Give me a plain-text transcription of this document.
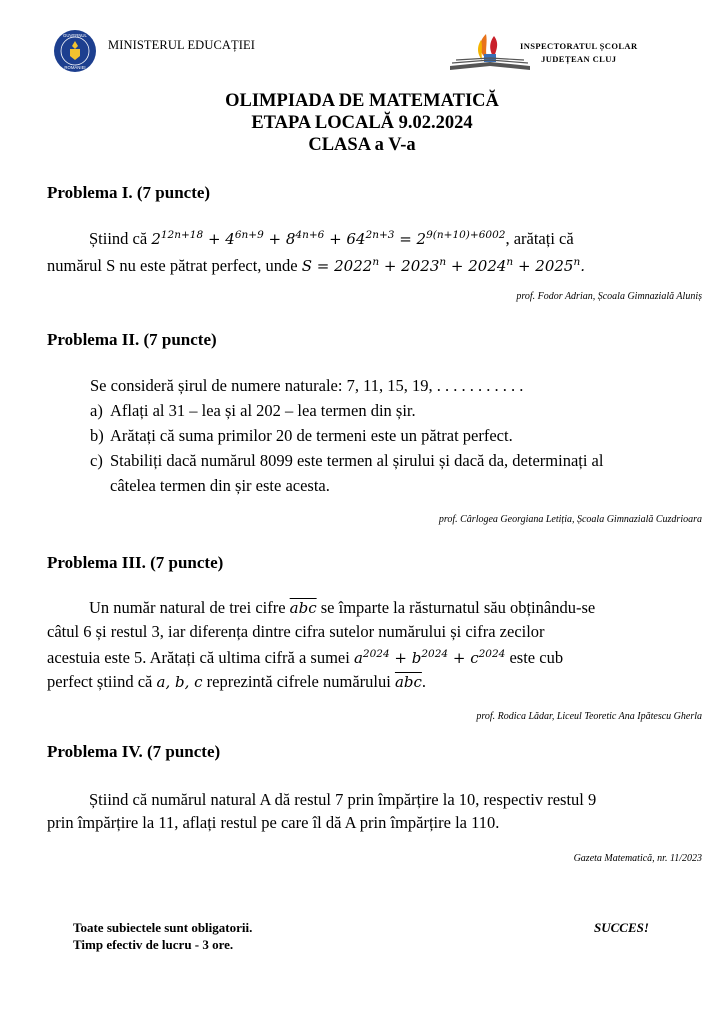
GUVERNUL
ROMÂNIEI
MINISTERUL EDUCAȚIEI	INSPECTORATUL ȘCOLAR
JUDEȚEAN CLUJ
OLIMPIADA DE MATEMATICĂ
ETAPA LOCALĂ 9.02.2024
CLASA a V-a
Problema I. (7 puncte)
Știind că $2^{12n+18} + 4^{6n+9} + 8^{4n+6} + 64^{2n+3} = 2^{9(n+10)+6002}$, arătați că
numărul S nu este pătrat perfect, unde $S = 2022^n + 2023^n + 2024^n + 2025^n$.
prof. Fodor Adrian, Școala Gimnazială Aluniș
Problema II. (7 puncte)
Se consideră șirul de numere naturale: 7, 11, 15, 19, . . . . . . . . . . .
a) Aflați al 31 – lea și al 202 – lea termen din șir.
b) Arătați că suma primilor 20 de termeni este un pătrat perfect.
c) Stabiliți dacă numărul 8099 este termen al șirului și dacă da, determinați al
câtelea termen din șir este acesta.
prof. Cârlogea Georgiana Letiția, Școala Gimnazială Cuzdrioara
Problema III. (7 puncte)
Un număr natural de trei cifre $\overline{abc}$ se împarte la răsturnatul său obținându-se
câtul 6 și restul 3, iar diferența dintre cifra sutelor numărului și cifra zecilor
acestuia este 5. Arătați că ultima cifră a sumei $a^{2024} + b^{2024} + c^{2024}$ este cub
perfect știind că a, b, c reprezintă cifrele numărului $\overline{abc}$.
prof. Rodica Lădar, Liceul Teoretic Ana Ipătescu Gherla
Problema IV. (7 puncte)
Știind că numărul natural A dă restul 7 prin împărțire la 10, respectiv restul 9
prin împărțire la 11, aflați restul pe care îl dă A prin împărțire la 110.
Gazeta Matematică, nr. 11/2023
Toate subiectele sunt obligatorii.
Timp efectiv de lucru - 3 ore.
SUCCES!
